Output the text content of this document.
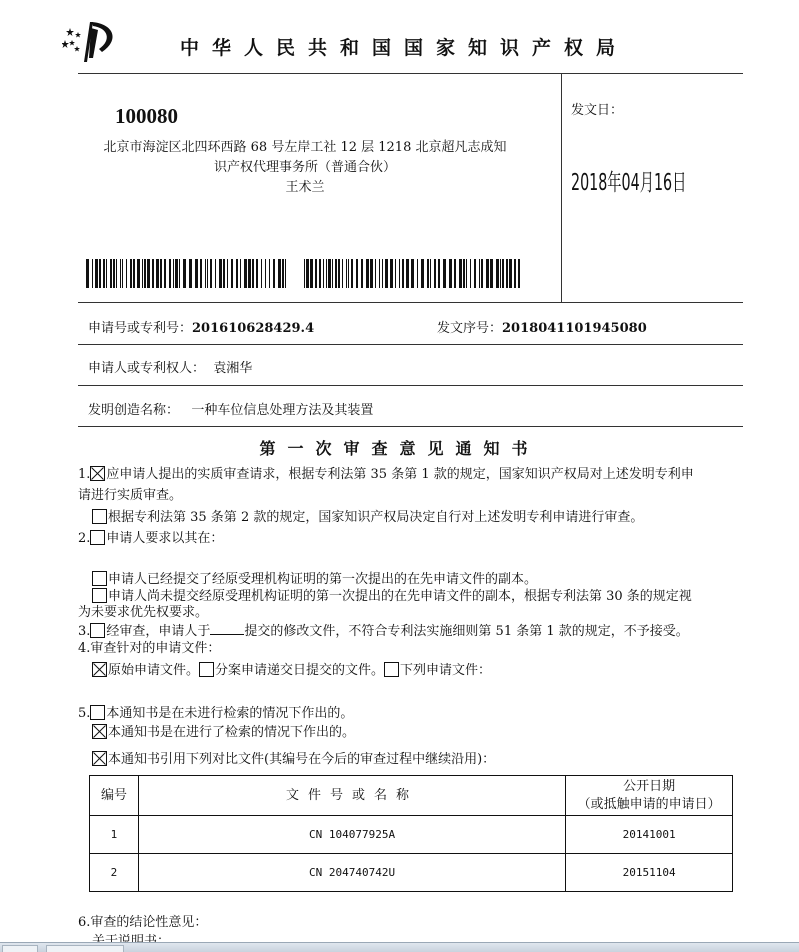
中华人民共和国国家知识产权局
100080
北京市海淀区北四环西路 68 号左岸工社 12 层 1218 北京超凡志成知
识产权代理事务所（普通合伙）
王术兰
发文日：
2018年04月16日
申请号或专利号：201610628429.4	发文序号：2018041101945080
申请人或专利权人： 袁湘华
发明创造名称： 一种车位信息处理方法及其装置
第一次审查意见通知书
1. 应申请人提出的实质审查请求，根据专利法第 35 条第 1 款的规定，国家知识产权局对上述发明专利申
请进行实质审查。
根据专利法第 35 条第 2 款的规定，国家知识产权局决定自行对上述发明专利申请进行审查。
2. 申请人要求以其在：
申请人已经提交了经原受理机构证明的第一次提出的在先申请文件的副本。
申请人尚未提交经原受理机构证明的第一次提出的在先申请文件的副本，根据专利法第 30 条的规定视
为未要求优先权要求。
3. 经审查，申请人于	提交的修改文件，不符合专利法实施细则第 51 条第 1 款的规定，不予接受。
4.审查针对的申请文件：
原始申请文件。 分案申请递交日提交的文件。 下列申请文件：
5. 本通知书是在未进行检索的情况下作出的。
本通知书是在进行了检索的情况下作出的。
本通知书引用下列对比文件(其编号在今后的审查过程中继续沿用)：
编号	文件号或名称	公开日期
（或抵触申请的申请日）

1	CN 104077925A	20141001
2	CN 204740742U	20151104
6.审查的结论性意见：
